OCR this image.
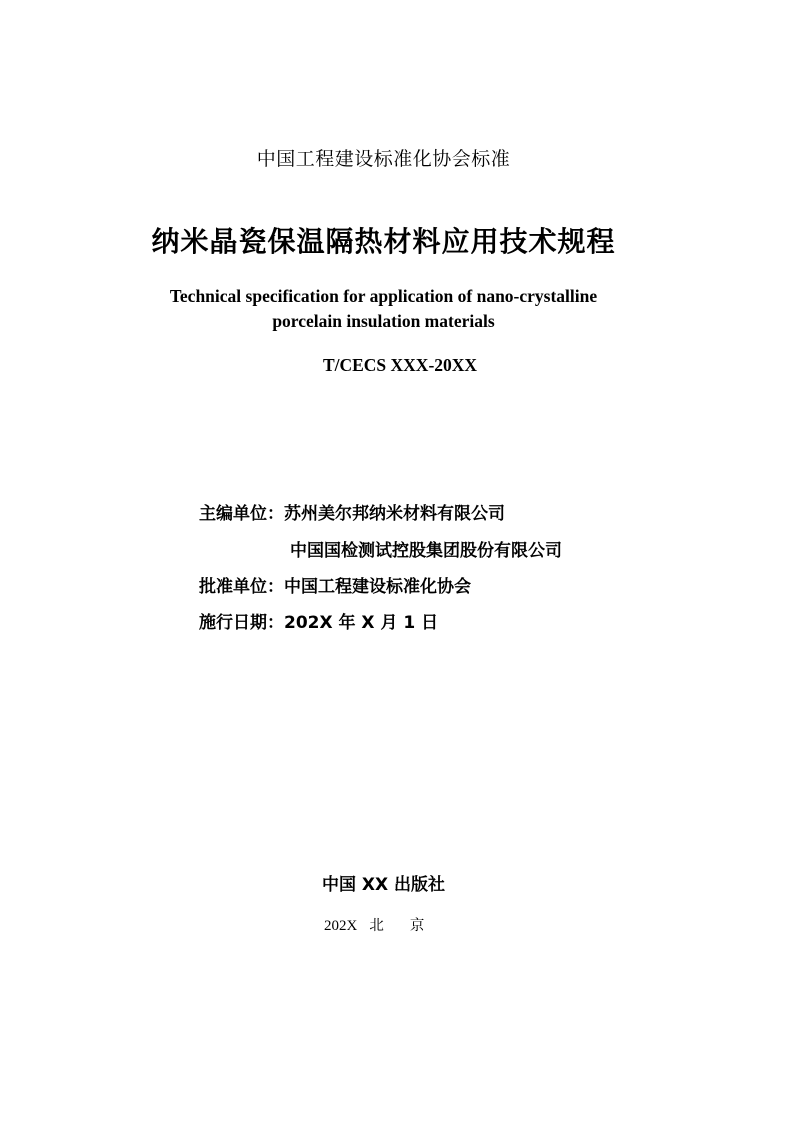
中国工程建设标准化协会标准
纳米晶瓷保温隔热材料应用技术规程
Technical specification for application of nano-crystalline
porcelain insulation materials
T/CECS XXX-20XX
主编单位：苏州美尔邦纳米材料有限公司
中国国检测试控股集团股份有限公司
批准单位：中国工程建设标准化协会
施行日期：202X 年 X 月 1 日
中国 XX 出版社
202X 北京
